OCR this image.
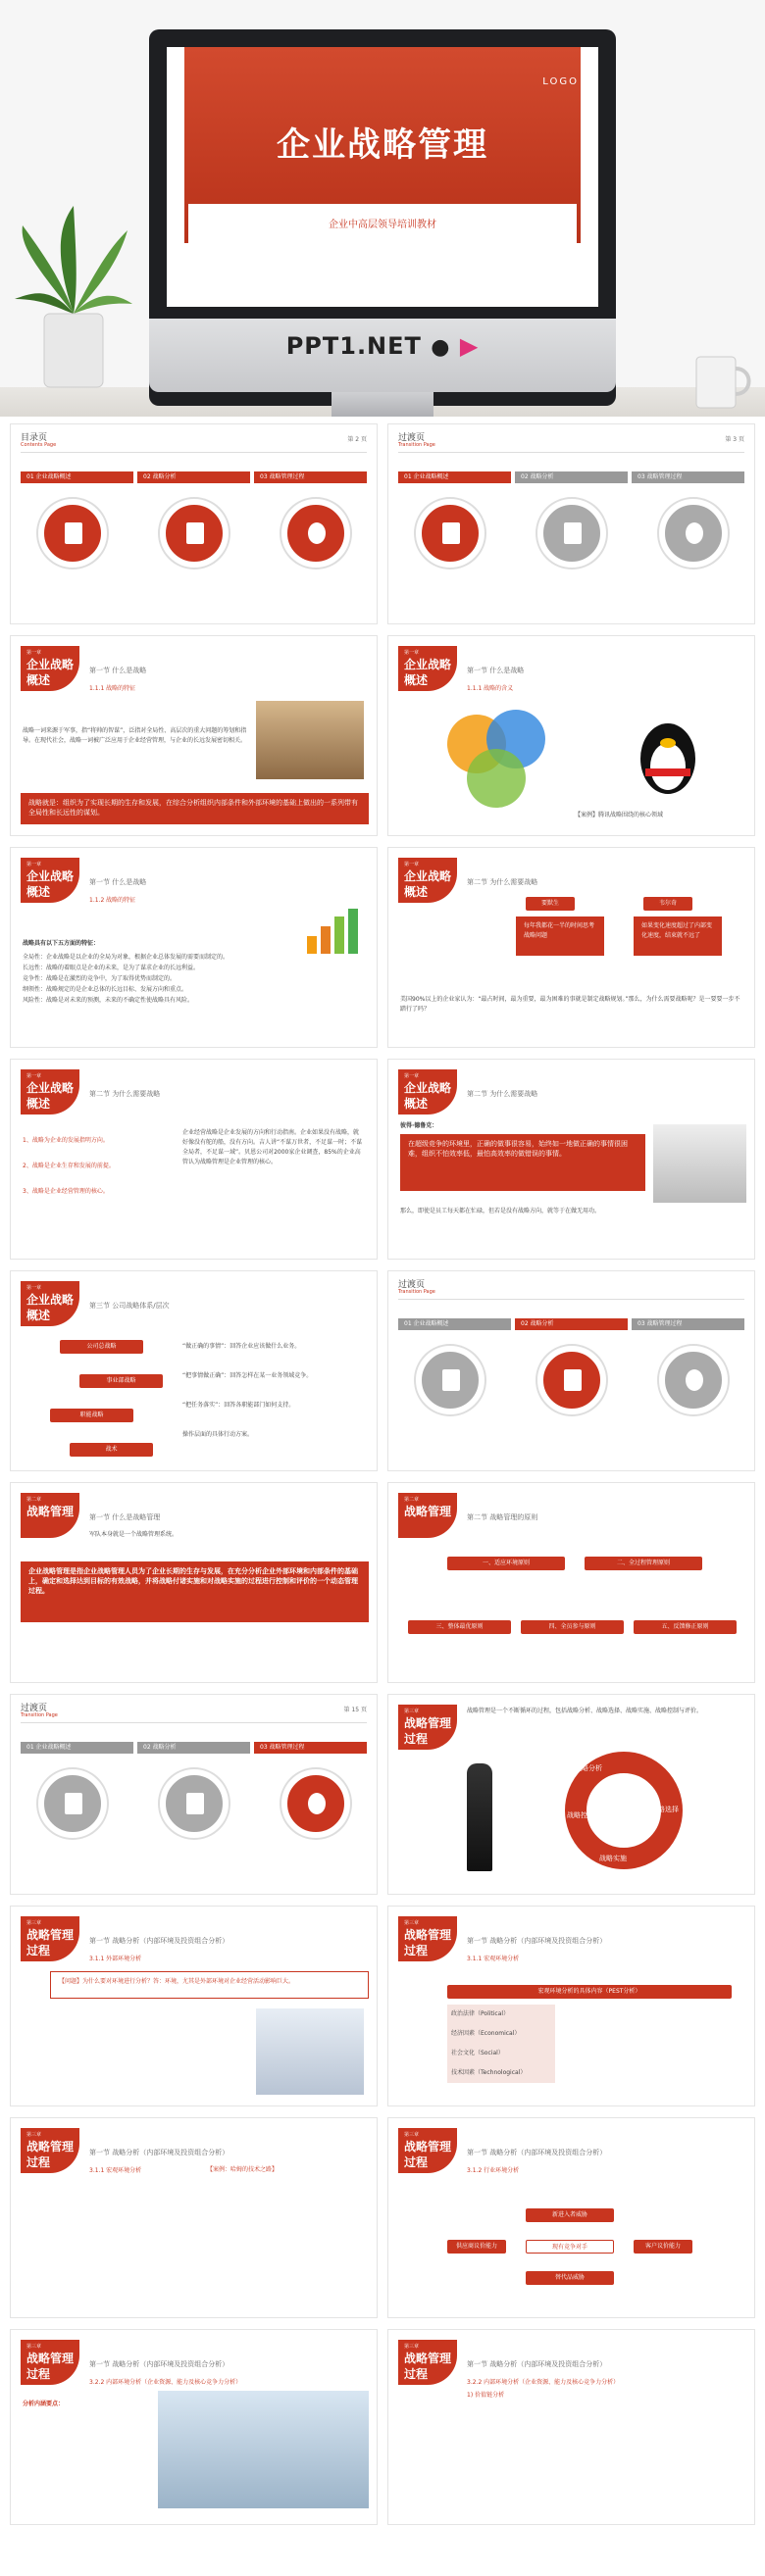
LOGO
企业战略管理
企业中高层领导培训教材
PPT1.NET ● ▶
目录页
Contents Page
第 2 页
01 企业战略概述	02 战略分析	03 战略管理过程
过渡页
Transition Page
第 3 页
01 企业战略概述	02 战略分析	03 战略管理过程
第一章
企业战略概述
第一节 什么是战略
1.1.1 战略的特征
战略一词来源于军事，指“将帅的智谋”，泛指对全局性、高层次的重大问题的筹划和指导。在现代社会，战略一词被广泛应用于企业经营管理，与企业的长远发展密切相关。
战略就是：组织为了实现长期的生存和发展，在综合分析组织内部条件和外部环境的基础上做出的一系列带有全局性和长远性的谋划。
第一章
企业战略概述
第一节 什么是战略
1.1.1 战略的含义
【案例】腾讯战略围绕的核心领域
第一章
企业战略概述
第一节 什么是战略
1.1.2 战略的特征
战略具有以下五方面的特征：
全局性：企业战略是以企业的全局为对象，根据企业总体发展的需要而制定的。
长远性：战略的着眼点是企业的未来，是为了谋求企业的长远利益。
竞争性：战略是在激烈的竞争中，为了取得优势而制定的。
纲领性：战略规定的是企业总体的长远目标、发展方向和重点。
风险性：战略是对未来的预测，未来的不确定性使战略具有风险。
第一章
企业战略概述
第二节 为什么需要战略
要默生	韦尔奇
每年我都花一半的时间思考战略问题
如果变化速度超过了内部变化速度，结束就不远了
美国90%以上的企业家认为：“最占时间，最为重要，最为困难的事就是制定战略规划。”那么，为什么需要战略呢？是一要要一步不踏行了吗？
第一章
企业战略概述
第二节 为什么需要战略
1、战略为企业的发展指明方向。
2、战略是企业生存和发展的前提。
3、战略是企业经营管理的核心。
企业经营战略是企业发展的方向和行动指南。企业如果没有战略，就好像没有舵的船，没有方向。吉人讲“不谋万世者，不足谋一时；不谋全局者，不足谋一域”。贝恩公司对2000家企业调查，85%的企业高管认为战略管理是企业管理的核心。
第一章
企业战略概述
第二节 为什么需要战略
彼得·德鲁克：
在超级竞争的环境里，正确的做事很容易，始终如一地做正确的事情很困难，组织不怕效率低，最怕高效率的做错误的事情。
那么，即使是员工每天都在忙碌，但若是没有战略方向，就等于在做无用功。
第一章
企业战略概述
第三节 公司战略体系/层次
公司总战略
事业部战略
职能战略
战术
“做正确的事情”：回答企业应该做什么业务。
“把事情做正确”：回答怎样在某一业务领域竞争。
“把任务落实”：回答各职能部门如何支持。
操作层面的具体行动方案。
过渡页
Transition Page
01 企业战略概述	02 战略分析	03 战略管理过程
第二章
战略管理	第一节 什么是战略管理
军队本身就是一个战略管理系统。
企业战略管理是指企业战略管理人员为了企业长期的生存与发展，在充分分析企业外部环境和内部条件的基础上，确定和选择达到目标的有效战略，并将战略付诸实施和对战略实施的过程进行控制和评价的一个动态管理过程。
第二章
战略管理	第二节 战略管理的原则
一、适应环境原则	二、全过程管理原则
三、整体最优原则	四、全员参与原则	五、反馈修正原则
过渡页
Transition Page
第 15 页
01 企业战略概述	02 战略分析	03 战略管理过程
第三章
战略管理过程
战略管理是一个不断循环的过程，包括战略分析、战略选择、战略实施、战略控制与评价。
战略分析
战略选择
战略实施
战略控制
第三章
战略管理过程
第一节 战略分析（内部环境及投资组合分析）
3.1.1 外部环境分析
【问题】为什么要对环境进行分析？答：环境，尤其是外部环境对企业经营活动影响巨大。
第三章
战略管理过程
第一节 战略分析（内部环境及投资组合分析）
3.1.1 宏观环境分析
宏观环境分析的具体内容（PEST分析）
政治法律（Political）
经济因素（Economical）
社会文化（Social）
技术因素（Technological）
第三章
战略管理过程
第一节 战略分析（内部环境及投资组合分析）
3.1.1 宏观环境分析	【案例：哈姆的技术之路】
第三章
战略管理过程
第一节 战略分析（内部环境及投资组合分析）
3.1.2 行业环境分析
新进入者威胁
现有竞争对手
供应商议价能力	客户议价能力
替代品威胁
第三章
战略管理过程
第一节 战略分析（内部环境及投资组合分析）
3.2.2 内部环境分析（企业资源、能力及核心竞争力分析）
分析内涵要点：
第三章
战略管理过程
第一节 战略分析（内部环境及投资组合分析）
3.2.2 内部环境分析（企业资源、能力及核心竞争力分析）
1) 价值链分析
